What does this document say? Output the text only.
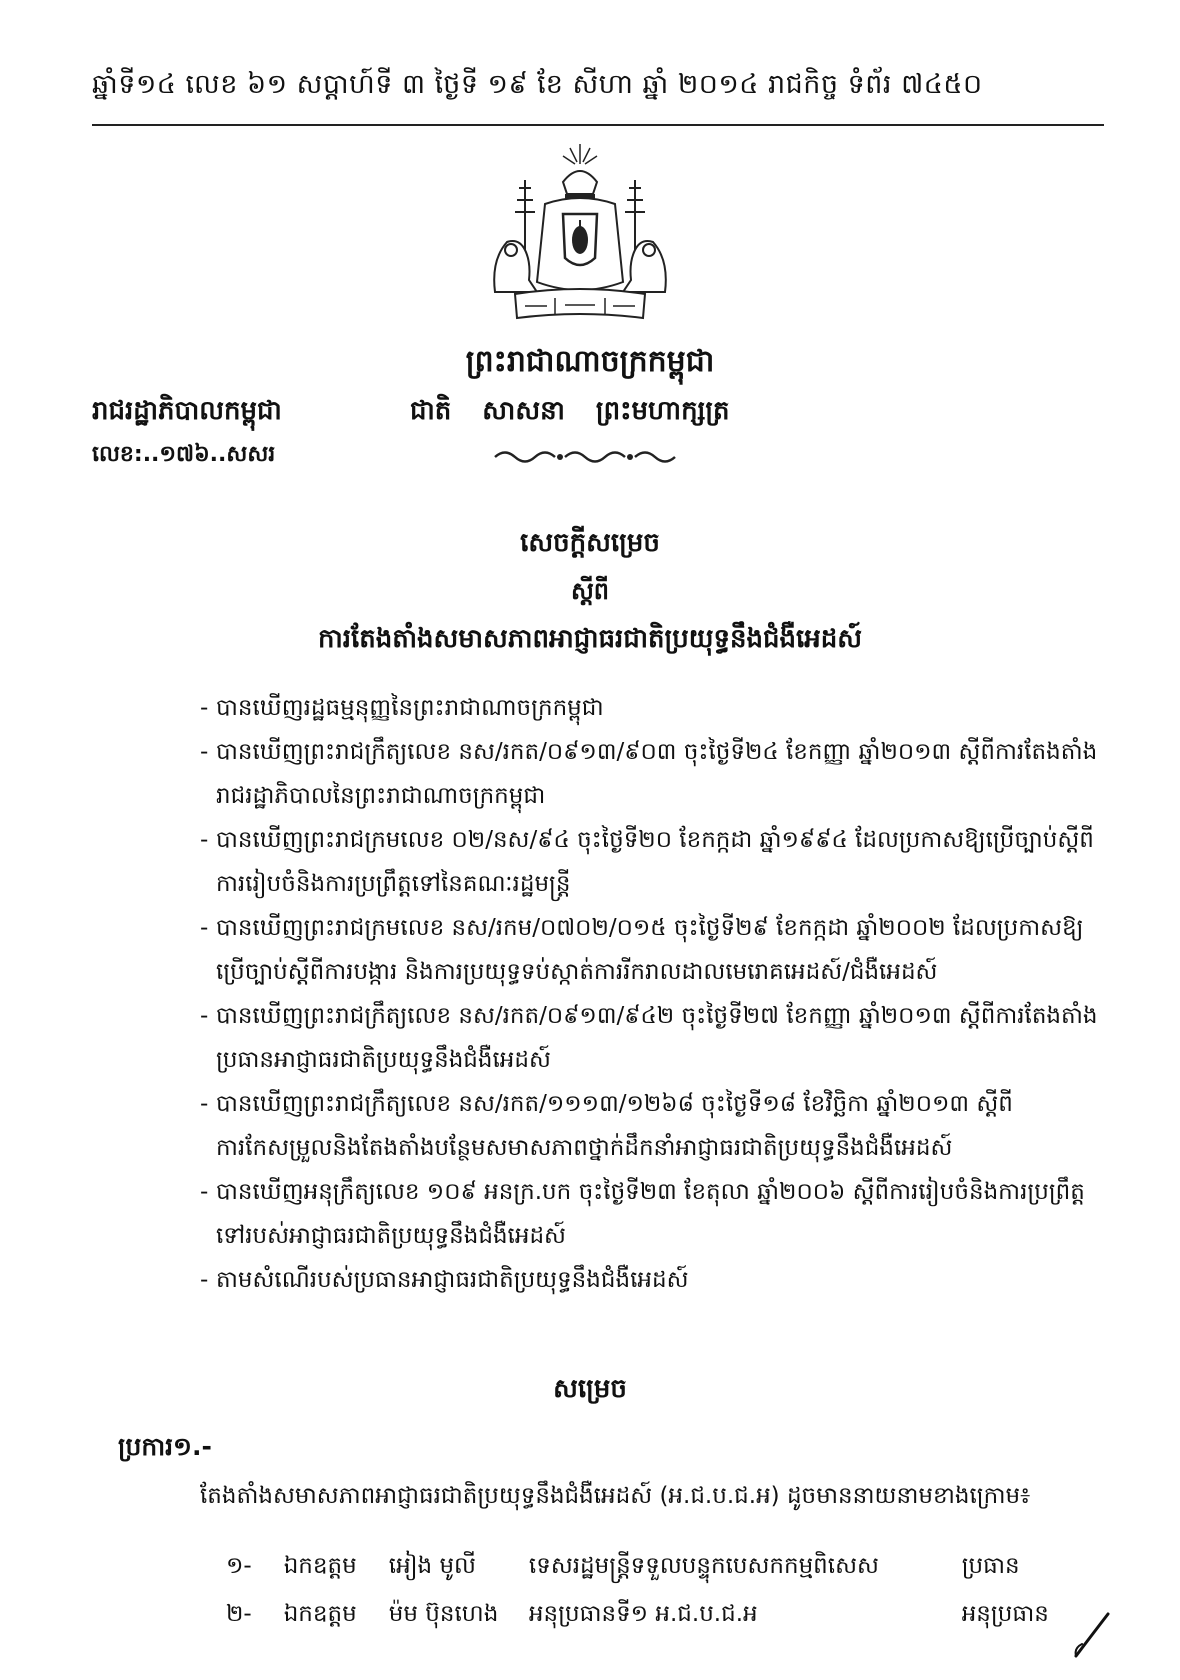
ឆ្នាំទី១៤ លេខ ៦១ សប្តាហ៍ទី ៣ ថ្ងៃទី ១៩ ខែ សីហា ឆ្នាំ ២០១៤ រាជកិច្ច ទំព័រ ៧៤៥០
ព្រះរាជាណាចក្រកម្ពុជា
រាជរដ្ឋាភិបាលកម្ពុជា	ជាតិ សាសនា ព្រះមហាក្សត្រ
លេខ:..១៧៦..សសរ
សេចក្តីសម្រេច
ស្តីពី
ការតែងតាំងសមាសភាពអាជ្ញាធរជាតិប្រយុទ្ធនឹងជំងឺអេដស៍
- បានឃើញរដ្ឋធម្មនុញ្ញនៃព្រះរាជាណាចក្រកម្ពុជា
- បានឃើញព្រះរាជក្រឹត្យលេខ នស/រកត/០៩១៣/៩០៣ ចុះថ្ងៃទី២៤ ខែកញ្ញា ឆ្នាំ២០១៣ ស្តីពីការតែងតាំងរាជរដ្ឋាភិបាលនៃព្រះរាជាណាចក្រកម្ពុជា
- បានឃើញព្រះរាជក្រមលេខ ០២/នស/៩៤ ចុះថ្ងៃទី២០ ខែកក្កដា ឆ្នាំ១៩៩៤ ដែលប្រកាសឱ្យប្រើច្បាប់ស្តីពីការរៀបចំនិងការប្រព្រឹត្តទៅនៃគណៈរដ្ឋមន្ត្រី
- បានឃើញព្រះរាជក្រមលេខ នស/រកម/០៧០២/០១៥ ចុះថ្ងៃទី២៩ ខែកក្កដា ឆ្នាំ២០០២ ដែលប្រកាសឱ្យប្រើច្បាប់ស្តីពីការបង្ការ និងការប្រយុទ្ធទប់ស្កាត់ការរីករាលដាលមេរោគអេដស៍/ជំងឺអេដស៍
- បានឃើញព្រះរាជក្រឹត្យលេខ នស/រកត/០៩១៣/៩៤២ ចុះថ្ងៃទី២៧ ខែកញ្ញា ឆ្នាំ២០១៣ ស្តីពីការតែងតាំងប្រធានអាជ្ញាធរជាតិប្រយុទ្ធនឹងជំងឺអេដស៍
- បានឃើញព្រះរាជក្រឹត្យលេខ នស/រកត/១១១៣/១២៦៨ ចុះថ្ងៃទី១៨ ខែវិច្ឆិកា ឆ្នាំ២០១៣ ស្តីពីការកែសម្រួលនិងតែងតាំងបន្ថែមសមាសភាពថ្នាក់ដឹកនាំអាជ្ញាធរជាតិប្រយុទ្ធនឹងជំងឺអេដស៍
- បានឃើញអនុក្រឹត្យលេខ ១០៩ អនក្រ.បក ចុះថ្ងៃទី២៣ ខែតុលា ឆ្នាំ២០០៦ ស្តីពីការរៀបចំនិងការប្រព្រឹត្តទៅរបស់អាជ្ញាធរជាតិប្រយុទ្ធនឹងជំងឺអេដស៍
- តាមសំណើរបស់ប្រធានអាជ្ញាធរជាតិប្រយុទ្ធនឹងជំងឺអេដស៍
សម្រេច
ប្រការ១.-
តែងតាំងសមាសភាពអាជ្ញាធរជាតិប្រយុទ្ធនឹងជំងឺអេដស៍ (អ.ជ.ប.ជ.អ) ដូចមាននាយនាមខាងក្រោម៖
១-	ឯកឧត្តម	អៀង មូលី	ទេសរដ្ឋមន្ត្រីទទួលបន្ទុកបេសកកម្មពិសេស	ប្រធាន
២-	ឯកឧត្តម	ម៉ម ប៊ុនហេង	អនុប្រធានទី១ អ.ជ.ប.ជ.អ	អនុប្រធាន
